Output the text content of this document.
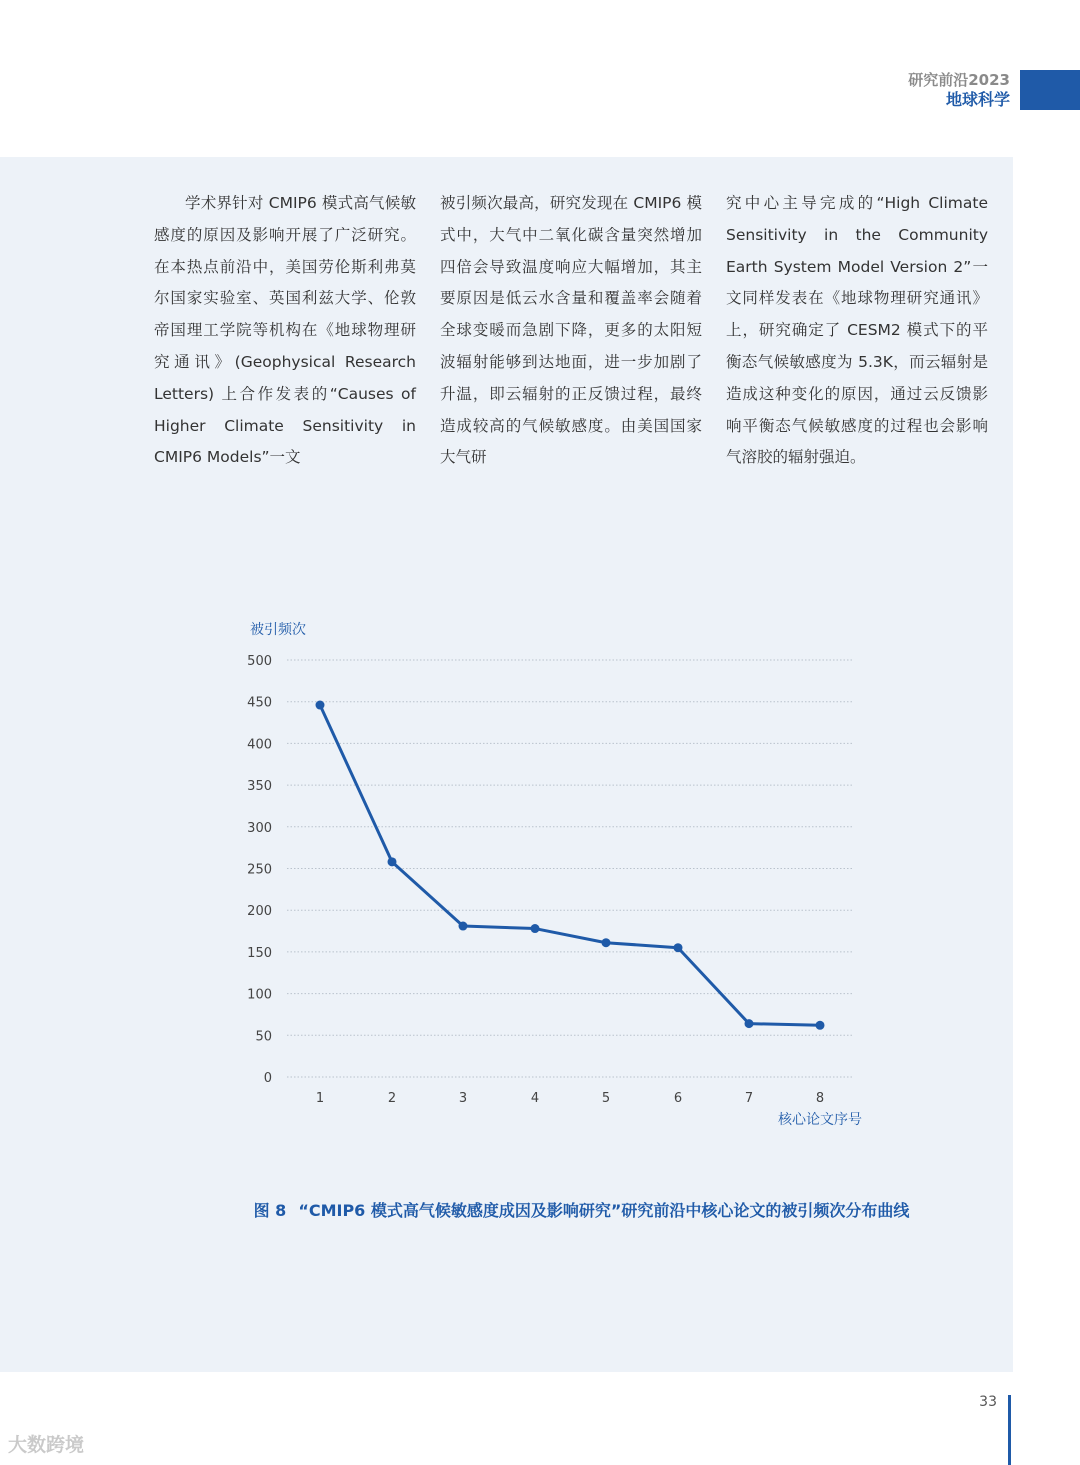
研究前沿2023
地球科学

学术界针对 CMIP6 模式高气候敏感度的原因及影响开展了广泛研究。在本热点前沿中，美国劳伦斯利弗莫尔国家实验室、英国利兹大学、伦敦帝国理工学院等机构在《地球物理研究通讯》(Geophysical Research Letters) 上合作发表的“Causes of Higher Climate Sensitivity in CMIP6 Models”一文

被引频次最高，研究发现在 CMIP6 模式中，大气中二氧化碳含量突然增加四倍会导致温度响应大幅增加，其主要原因是低云水含量和覆盖率会随着全球变暖而急剧下降，更多的太阳短波辐射能够到达地面，进一步加剧了升温，即云辐射的正反馈过程，最终造成较高的气候敏感度。由美国国家大气研

究中心主导完成的“High Climate Sensitivity in the Community Earth System Model Version 2”一文同样发表在《地球物理研究通讯》上，研究确定了 CESM2 模式下的平衡态气候敏感度为 5.3K，而云辐射是造成这种变化的原因，通过云反馈影响平衡态气候敏感度的过程也会影响气溶胶的辐射强迫。

被引频次
核心论文序号
0
50
100
150
200
250
300
350
400
450
500
1	2	3	4	5	6	7	8
图 8 “CMIP6 模式高气候敏感度成因及影响研究”研究前沿中核心论文的被引频次分布曲线
33
大数跨境
